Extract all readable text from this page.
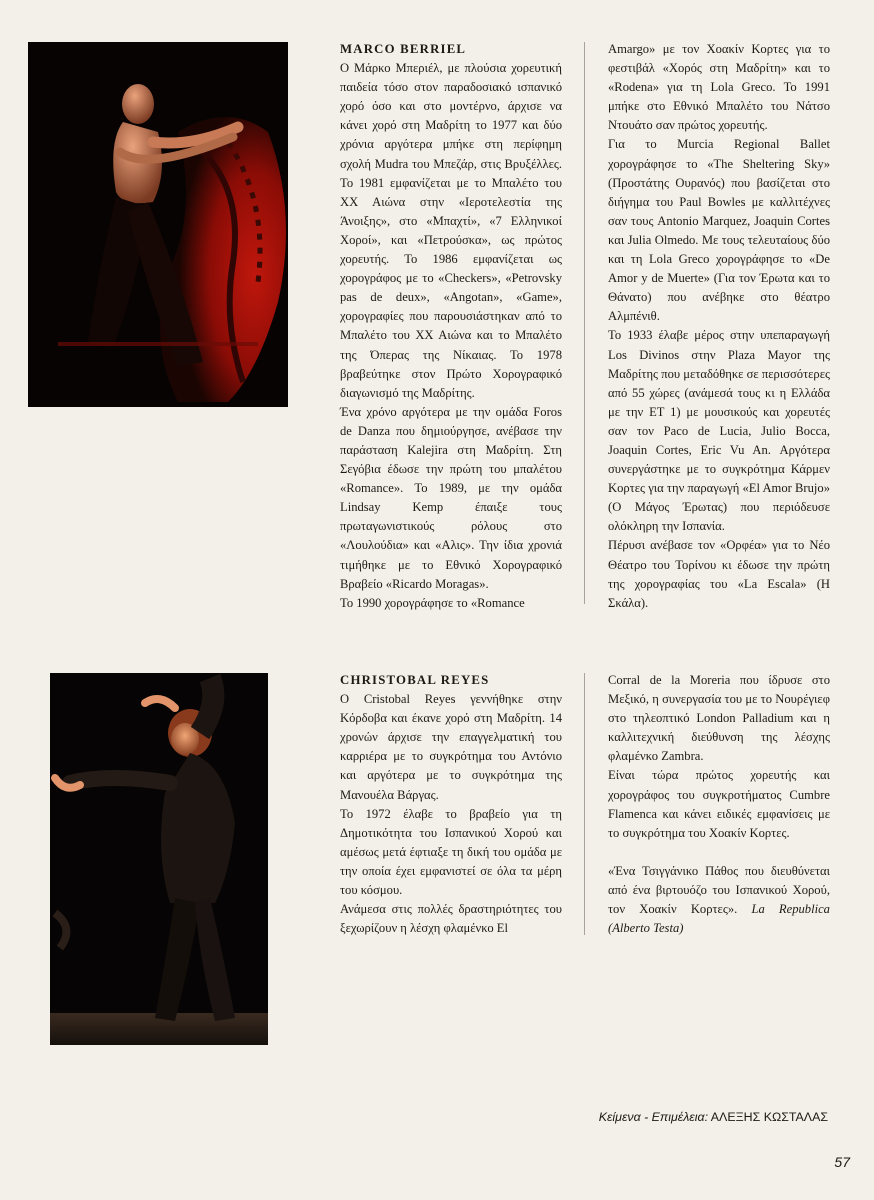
MARCO BERRIEL

Ο Μάρκο Μπεριέλ, με πλούσια χορευτική παιδεία τόσο στον παραδοσιακό ισπανικό χορό όσο και στο μοντέρνο, άρχισε να κάνει χορό στη Μαδρίτη το 1977 και δύο χρόνια αργότερα μπήκε στη περίφημη σχολή Mudra του Μπεζάρ, στις Βρυξέλλες. Το 1981 εμφανίζεται με το Μπαλέτο του ΧΧ Αιώνα στην «Ιεροτελεστία της Άνοιξης», στο «Μπαχτί», «7 Ελληνικοί Χοροί», και «Πετρούσκα», ως πρώτος χορευτής. Το 1986 εμφανίζεται ως χορογράφος με το «Checkers», «Petrovsky pas de deux», «Angotan», «Game», χορογραφίες που παρουσιάστηκαν από το Μπαλέτο του ΧΧ Αιώνα και το Μπαλέτο της Όπερας της Νίκαιας. Το 1978 βραβεύτηκε στον Πρώτο Χορογραφικό διαγωνισμό της Μαδρίτης.

Ένα χρόνο αργότερα με την ομάδα Foros de Danza που δημιούργησε, ανέβασε την παράσταση Kalejira στη Μαδρίτη. Στη Σεγόβια έδωσε την πρώτη του μπαλέτου «Romance». Το 1989, με την ομάδα Lindsay Kemp έπαιξε τους πρωταγωνιστικούς ρόλους στο «Λουλούδια» και «Αλις». Την ίδια χρονιά τιμήθηκε με το Εθνικό Χορογραφικό Βραβείο «Ricardo Moragas».

Το 1990 χορογράφησε το «Romance

Amargo» με τον Χοακίν Κορτες για το φεστιβάλ «Χορός στη Μαδρίτη» και το «Rodena» για τη Lola Greco. Το 1991 μπήκε στο Εθνικό Μπαλέτο του Νάτσο Ντουάτο σαν πρώτος χορευτής.

Για το Murcia Regional Ballet χορογράφησε το «The Sheltering Sky» (Προστάτης Ουρανός) που βασίζεται στο διήγημα του Paul Bowles με καλλιτέχνες σαν τους Antonio Marquez, Joaquin Cortes και Julia Olmedo. Με τους τελευταίους δύο και τη Lola Greco χορογράφησε το «De Amor y de Muerte» (Για τον Έρωτα και το Θάνατο) που ανέβηκε στο θέατρο Αλμπένιθ.

Το 1933 έλαβε μέρος στην υπεπαραγωγή Los Divinos στην Plaza Mayor της Μαδρίτης που μεταδόθηκε σε περισσότερες από 55 χώρες (ανάμεσά τους κι η Ελλάδα με την ΕΤ 1) με μουσικούς και χορευτές σαν τον Paco de Lucia, Julio Bocca, Joaquin Cortes, Eric Vu An. Αργότερα συνεργάστηκε με το συγκρότημα Κάρμεν Κορτες για την παραγωγή «El Amor Brujo» (Ο Μάγος Έρωτας) που περιόδευσε ολόκληρη την Ισπανία.

Πέρυσι ανέβασε τον «Ορφέα» για το Νέο Θέατρο του Τορίνου κι έδωσε την πρώτη της χορογραφίας του «La Escala» (Η Σκάλα).

CHRISTOBAL REYES

Ο Cristobal Reyes γεννήθηκε στην Κόρδοβα και έκανε χορό στη Μαδρίτη. 14 χρονών άρχισε την επαγγελματική του καρριέρα με το συγκρότημα του Αντόνιο και αργότερα με το συγκρότημα της Μανουέλα Βάργας.

Το 1972 έλαβε το βραβείο για τη Δημοτικότητα του Ισπανικού Χορού και αμέσως μετά έφτιαξε τη δική του ομάδα με την οποία έχει εμφανιστεί σε όλα τα μέρη του κόσμου.

Ανάμεσα στις πολλές δραστηριότητες του ξεχωρίζουν η λέσχη φλαμένκο El

Corral de la Moreria που ίδρυσε στο Μεξικό, η συνεργασία του με το Νουρέγιεφ στο τηλεοπτικό London Palladium και η καλλιτεχνική διεύθυνση της λέσχης φλαμένκο Zambra.

Είναι τώρα πρώτος χορευτής και χορογράφος του συγκροτήματος Cumbre Flamenca και κάνει ειδικές εμφανίσεις με το συγκρότημα του Χοακίν Κορτες.

«Ένα Τσιγγάνικο Πάθος που διευθύνεται από ένα βιρτουόζο του Ισπανικού Χορού, τον Χοακίν Κορτες». La Republica (Alberto Testa)

Κείμενα - Επιμέλεια: ΑΛΕΞΗΣ ΚΩΣΤΑΛΑΣ
57
